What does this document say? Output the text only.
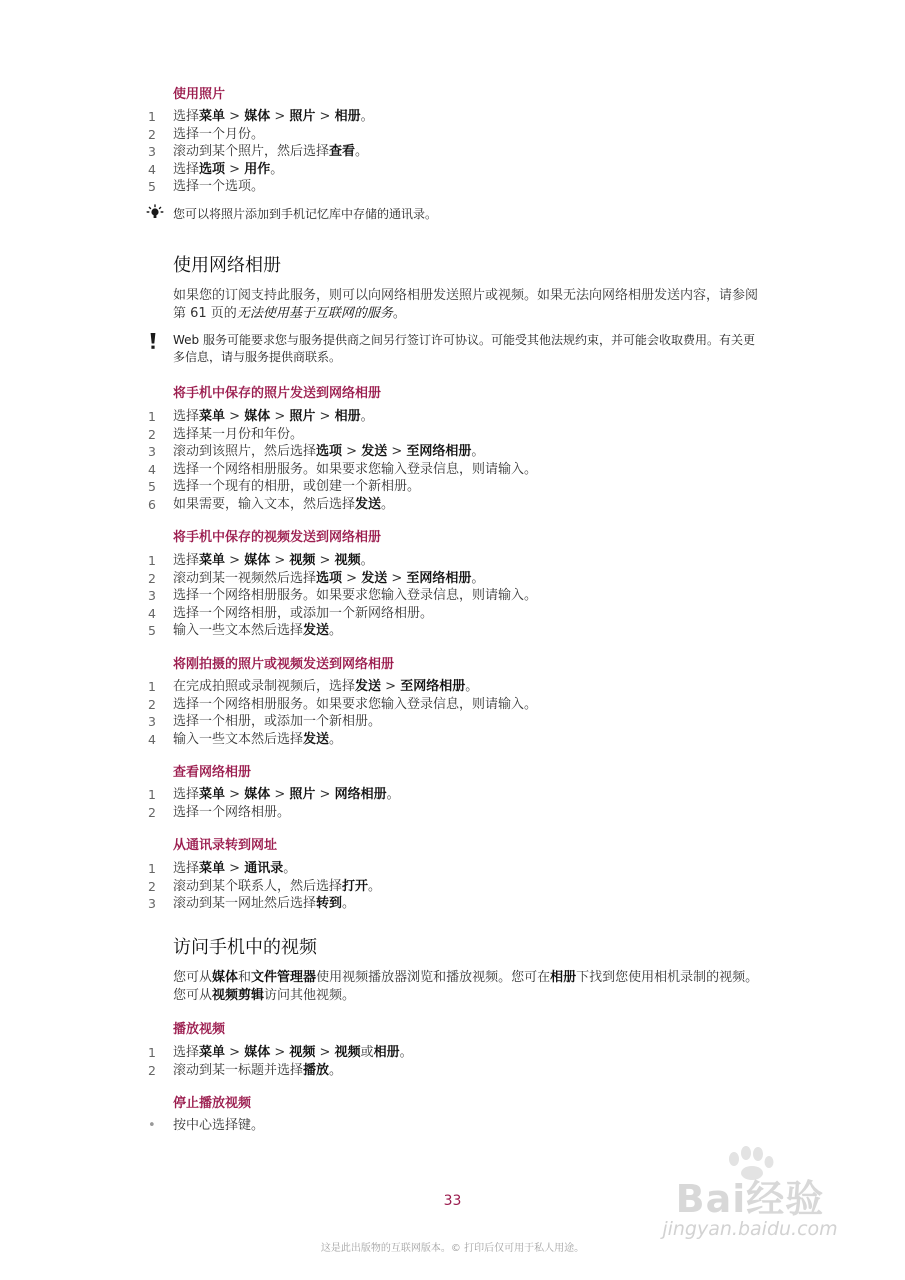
使用照片
1	选择菜单 > 媒体 > 照片 > 相册。
2	选择一个月份。
3	滚动到某个照片，然后选择查看。
4	选择选项 > 用作。
5	选择一个选项。
您可以将照片添加到手机记忆库中存储的通讯录。
使用网络相册
如果您的订阅支持此服务，则可以向网络相册发送照片或视频。如果无法向网络相册发送内容，请参阅第 61 页的无法使用基于互联网的服务。
Web 服务可能要求您与服务提供商之间另行签订许可协议。可能受其他法规约束，并可能会收取费用。有关更多信息，请与服务提供商联系。
将手机中保存的照片发送到网络相册
1	选择菜单 > 媒体 > 照片 > 相册。
2	选择某一月份和年份。
3	滚动到该照片，然后选择选项 > 发送 > 至网络相册。
4	选择一个网络相册服务。如果要求您输入登录信息，则请输入。
5	选择一个现有的相册，或创建一个新相册。
6	如果需要，输入文本，然后选择发送。
将手机中保存的视频发送到网络相册
1	选择菜单 > 媒体 > 视频 > 视频。
2	滚动到某一视频然后选择选项 > 发送 > 至网络相册。
3	选择一个网络相册服务。如果要求您输入登录信息，则请输入。
4	选择一个网络相册，或添加一个新网络相册。
5	输入一些文本然后选择发送。
将刚拍摄的照片或视频发送到网络相册
1	在完成拍照或录制视频后，选择发送 > 至网络相册。
2	选择一个网络相册服务。如果要求您输入登录信息，则请输入。
3	选择一个相册，或添加一个新相册。
4	输入一些文本然后选择发送。
查看网络相册
1	选择菜单 > 媒体 > 照片 > 网络相册。
2	选择一个网络相册。
从通讯录转到网址
1	选择菜单 > 通讯录。
2	滚动到某个联系人，然后选择打开。
3	滚动到某一网址然后选择转到。
访问手机中的视频
您可从媒体和文件管理器使用视频播放器浏览和播放视频。您可在相册下找到您使用相机录制的视频。您可从视频剪辑访问其他视频。
播放视频
1	选择菜单 > 媒体 > 视频 > 视频或相册。
2	滚动到某一标题并选择播放。
停止播放视频
•	按中心选择键。
33
这是此出版物的互联网版本。© 打印后仅可用于私人用途。
Bai经验
jingyan.baidu.com
